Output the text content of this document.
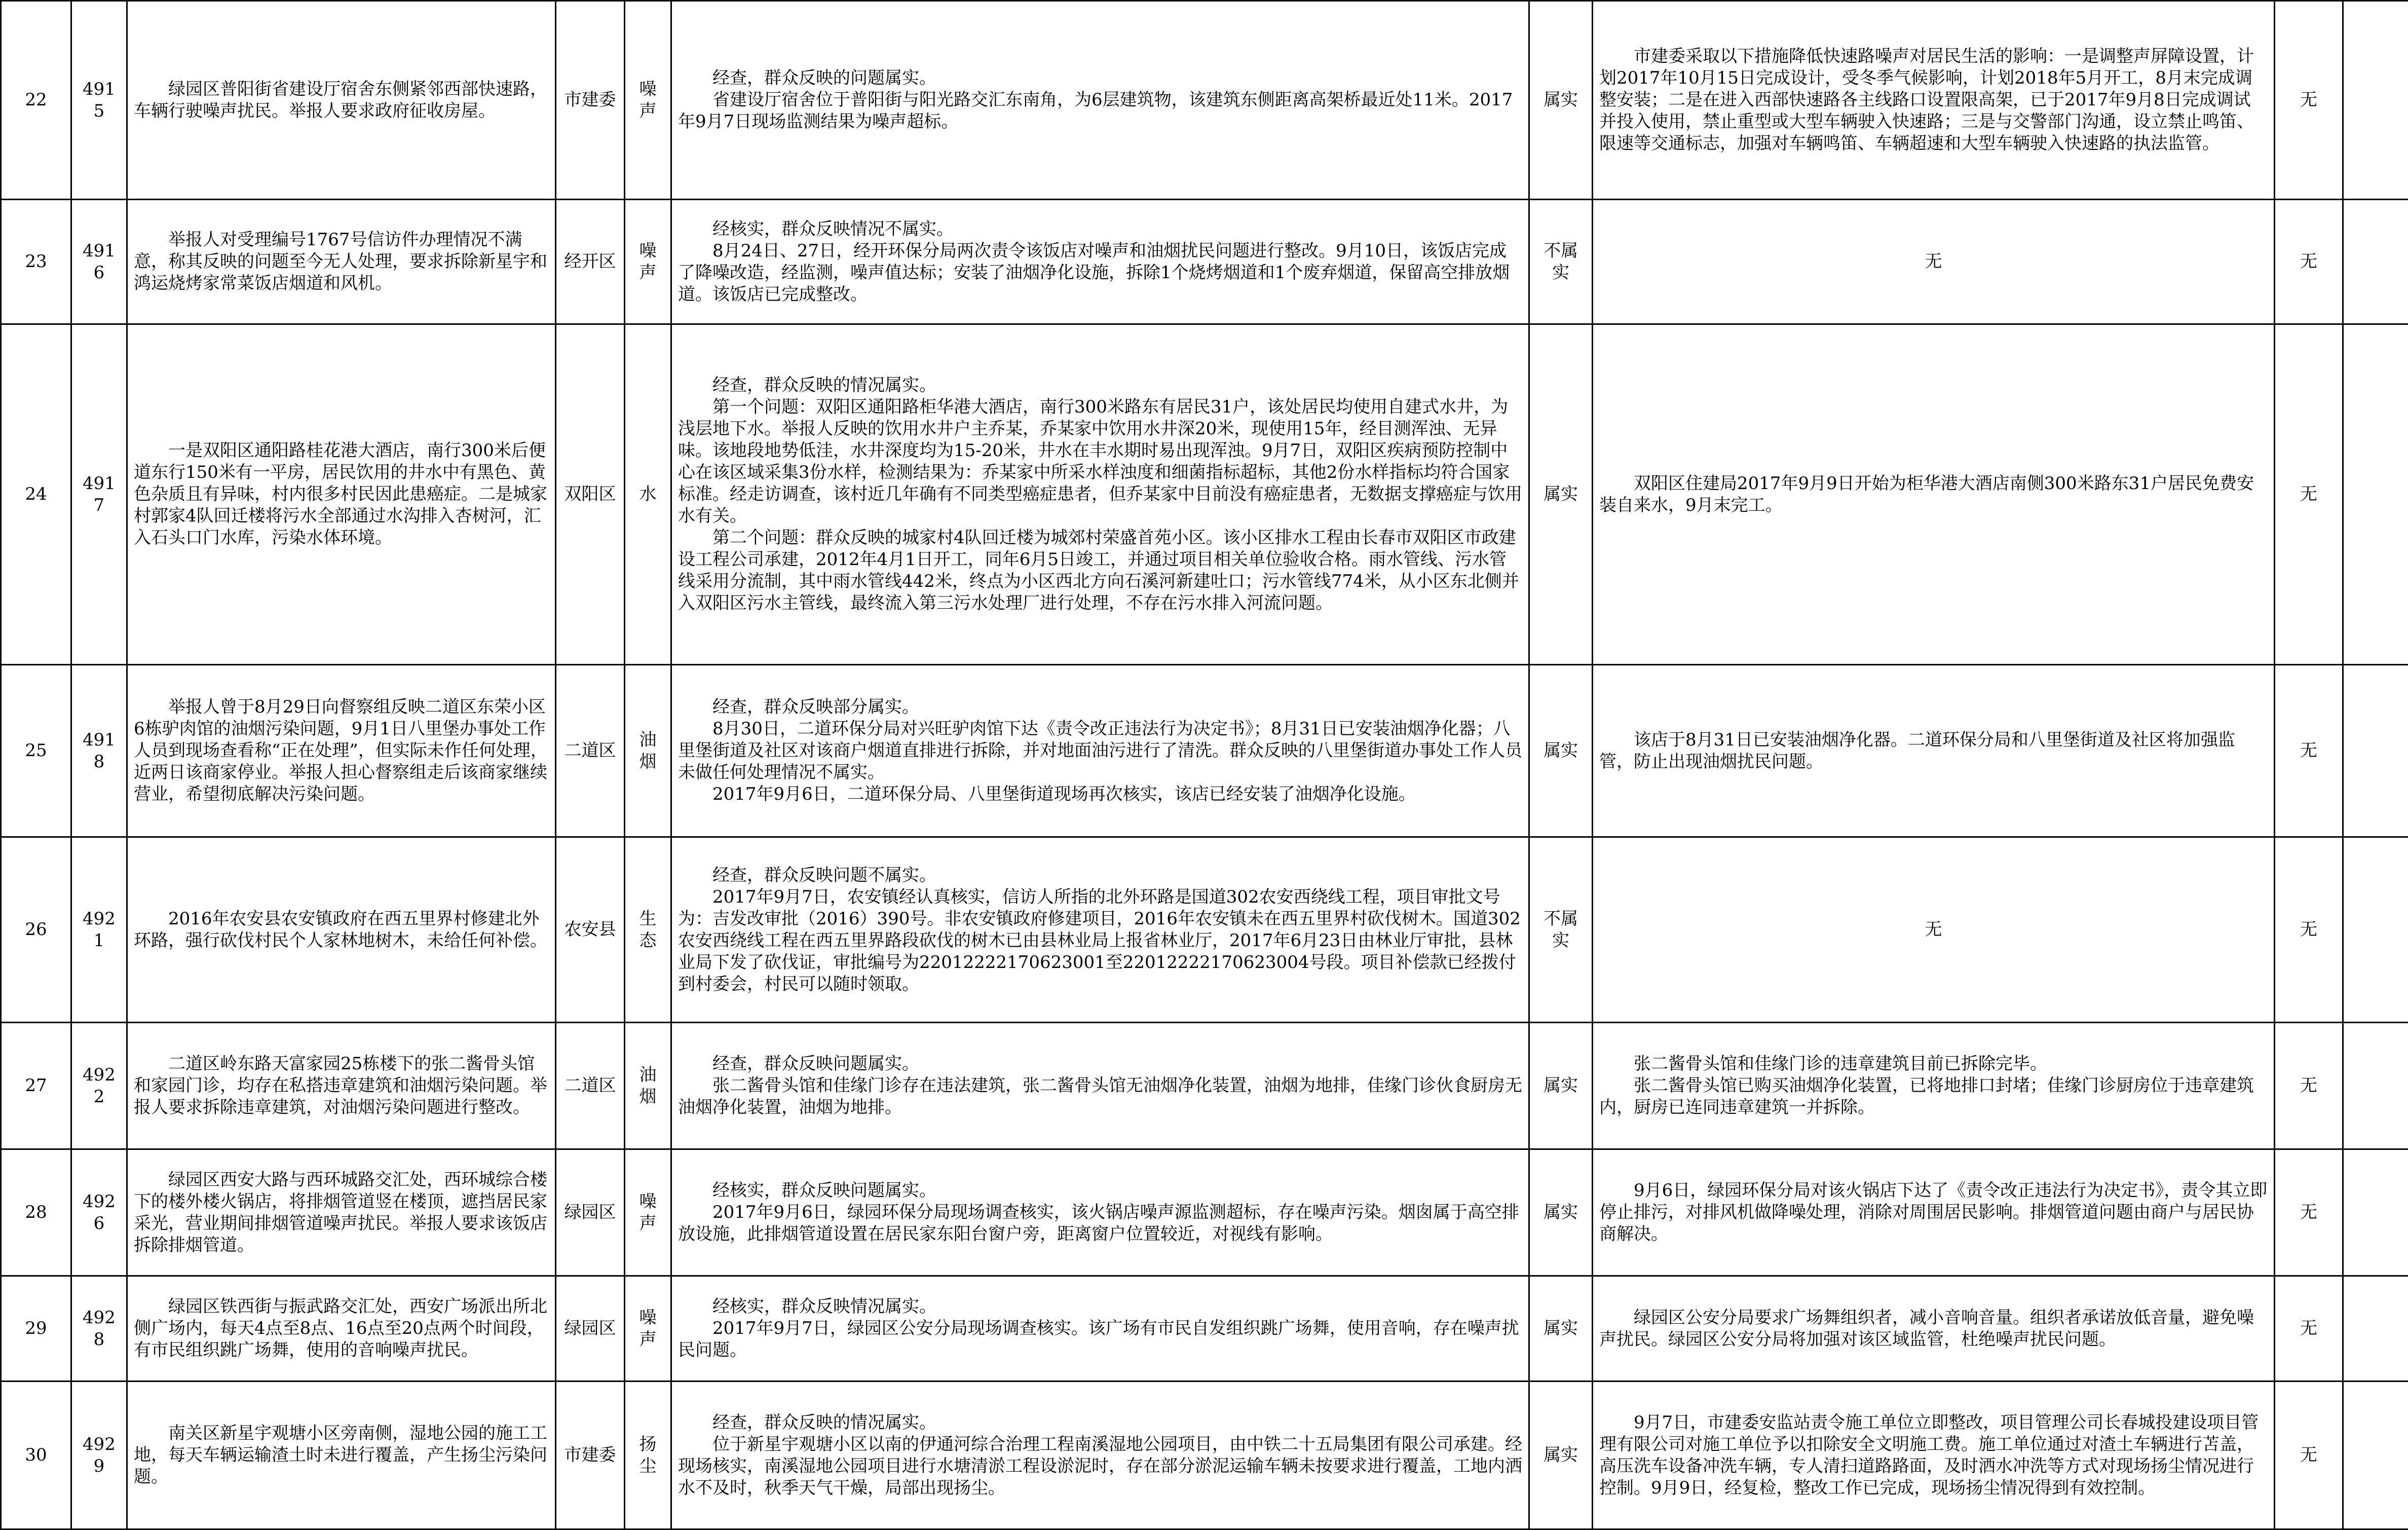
22	4915	绿园区普阳街省建设厅宿舍东侧紧邻西部快速路，车辆行驶噪声扰民。举报人要求政府征收房屋。	市建委	噪声	经查，群众反映的问题属实。
省建设厅宿舍位于普阳街与阳光路交汇东南角，为6层建筑物，该建筑东侧距离高架桥最近处11米。2017年9月7日现场监测结果为噪声超标。	属实	市建委采取以下措施降低快速路噪声对居民生活的影响：一是调整声屏障设置，计划2017年10月15日完成设计，受冬季气候影响，计划2018年5月开工，8月末完成调整安装；二是在进入西部快速路各主线路口设置限高架，已于2017年9月8日完成调试并投入使用，禁止重型或大型车辆驶入快速路；三是与交警部门沟通，设立禁止鸣笛、限速等交通标志，加强对车辆鸣笛、车辆超速和大型车辆驶入快速路的执法监管。	无	
23	4916	举报人对受理编号1767号信访件办理情况不满意，称其反映的问题至今无人处理，要求拆除新星宇和鸿运烧烤家常菜饭店烟道和风机。	经开区	噪声	经核实，群众反映情况不属实。
8月24日、27日，经开环保分局两次责令该饭店对噪声和油烟扰民问题进行整改。9月10日，该饭店完成了降噪改造，经监测，噪声值达标；安装了油烟净化设施，拆除1个烧烤烟道和1个废弃烟道，保留高空排放烟道。该饭店已完成整改。	不属实	无	无	
24	4917	一是双阳区通阳路桂花港大酒店，南行300米后便道东行150米有一平房，居民饮用的井水中有黑色、黄色杂质且有异味，村内很多村民因此患癌症。二是城家村郭家4队回迁楼将污水全部通过水沟排入杏树河，汇入石头口门水库，污染水体环境。	双阳区	水	经查，群众反映的情况属实。
第一个问题：双阳区通阳路柜华港大酒店，南行300米路东有居民31户，该处居民均使用自建式水井，为浅层地下水。举报人反映的饮用水井户主乔某，乔某家中饮用水井深20米，现使用15年，经目测浑浊、无异味。该地段地势低洼，水井深度均为15-20米，井水在丰水期时易出现浑浊。9月7日，双阳区疾病预防控制中心在该区域采集3份水样，检测结果为：乔某家中所采水样浊度和细菌指标超标，其他2份水样指标均符合国家标准。经走访调查，该村近几年确有不同类型癌症患者，但乔某家中目前没有癌症患者，无数据支撑癌症与饮用水有关。
第二个问题：群众反映的城家村4队回迁楼为城郊村荣盛首苑小区。该小区排水工程由长春市双阳区市政建设工程公司承建，2012年4月1日开工，同年6月5日竣工，并通过项目相关单位验收合格。雨水管线、污水管线采用分流制，其中雨水管线442米，终点为小区西北方向石溪河新建吐口；污水管线774米，从小区东北侧并入双阳区污水主管线，最终流入第三污水处理厂进行处理，不存在污水排入河流问题。	属实	双阳区住建局2017年9月9日开始为柜华港大酒店南侧300米路东31户居民免费安装自来水，9月末完工。	无	
25	4918	举报人曾于8月29日向督察组反映二道区东荣小区6栋驴肉馆的油烟污染问题，9月1日八里堡办事处工作人员到现场查看称“正在处理”，但实际未作任何处理，近两日该商家停业。举报人担心督察组走后该商家继续营业，希望彻底解决污染问题。	二道区	油烟	经查，群众反映部分属实。
8月30日，二道环保分局对兴旺驴肉馆下达《责令改正违法行为决定书》；8月31日已安装油烟净化器；八里堡街道及社区对该商户烟道直排进行拆除，并对地面油污进行了清洗。群众反映的八里堡街道办事处工作人员未做任何处理情况不属实。
2017年9月6日，二道环保分局、八里堡街道现场再次核实，该店已经安装了油烟净化设施。	属实	该店于8月31日已安装油烟净化器。二道环保分局和八里堡街道及社区将加强监管，防止出现油烟扰民问题。	无	
26	4921	2016年农安县农安镇政府在西五里界村修建北外环路，强行砍伐村民个人家林地树木，未给任何补偿。	农安县	生态	经查，群众反映问题不属实。
2017年9月7日，农安镇经认真核实，信访人所指的北外环路是国道302农安西绕线工程，项目审批文号为：吉发改审批（2016）390号。非农安镇政府修建项目，2016年农安镇未在西五里界村砍伐树木。国道302农安西绕线工程在西五里界路段砍伐的树木已由县林业局上报省林业厅，2017年6月23日由林业厅审批，县林业局下发了砍伐证，审批编号为22012222170623001至22012222170623004号段。项目补偿款已经拨付到村委会，村民可以随时领取。	不属实	无	无	
27	4922	二道区岭东路天富家园25栋楼下的张二酱骨头馆和家园门诊，均存在私搭违章建筑和油烟污染问题。举报人要求拆除违章建筑，对油烟污染问题进行整改。	二道区	油烟	经查，群众反映问题属实。
张二酱骨头馆和佳缘门诊存在违法建筑，张二酱骨头馆无油烟净化装置，油烟为地排，佳缘门诊伙食厨房无油烟净化装置，油烟为地排。	属实	张二酱骨头馆和佳缘门诊的违章建筑目前已拆除完毕。
张二酱骨头馆已购买油烟净化装置，已将地排口封堵；佳缘门诊厨房位于违章建筑内，厨房已连同违章建筑一并拆除。	无	
28	4926	绿园区西安大路与西环城路交汇处，西环城综合楼下的楼外楼火锅店，将排烟管道竖在楼顶，遮挡居民家采光，营业期间排烟管道噪声扰民。举报人要求该饭店拆除排烟管道。	绿园区	噪声	经核实，群众反映问题属实。
2017年9月6日，绿园环保分局现场调查核实，该火锅店噪声源监测超标，存在噪声污染。烟囱属于高空排放设施，此排烟管道设置在居民家东阳台窗户旁，距离窗户位置较近，对视线有影响。	属实	9月6日，绿园环保分局对该火锅店下达了《责令改正违法行为决定书》，责令其立即停止排污，对排风机做降噪处理，消除对周围居民影响。排烟管道问题由商户与居民协商解决。	无	
29	4928	绿园区铁西街与振武路交汇处，西安广场派出所北侧广场内，每天4点至8点、16点至20点两个时间段，有市民组织跳广场舞，使用的音响噪声扰民。	绿园区	噪声	经核实，群众反映情况属实。
2017年9月7日，绿园区公安分局现场调查核实。该广场有市民自发组织跳广场舞，使用音响，存在噪声扰民问题。	属实	绿园区公安分局要求广场舞组织者，减小音响音量。组织者承诺放低音量，避免噪声扰民。绿园区公安分局将加强对该区域监管，杜绝噪声扰民问题。	无	
30	4929	南关区新星宇观塘小区旁南侧，湿地公园的施工工地，每天车辆运输渣土时未进行覆盖，产生扬尘污染问题。	市建委	扬尘	经查，群众反映的情况属实。
位于新星宇观塘小区以南的伊通河综合治理工程南溪湿地公园项目，由中铁二十五局集团有限公司承建。经现场核实，南溪湿地公园项目进行水塘清淤工程设淤泥时，存在部分淤泥运输车辆未按要求进行覆盖，工地内洒水不及时，秋季天气干燥，局部出现扬尘。	属实	9月7日，市建委安监站责令施工单位立即整改，项目管理公司长春城投建设项目管理有限公司对施工单位予以扣除安全文明施工费。施工单位通过对渣土车辆进行苫盖，高压洗车设备冲洗车辆，专人清扫道路路面，及时洒水冲洗等方式对现场扬尘情况进行控制。9月9日，经复检，整改工作已完成，现场扬尘情况得到有效控制。	无	
